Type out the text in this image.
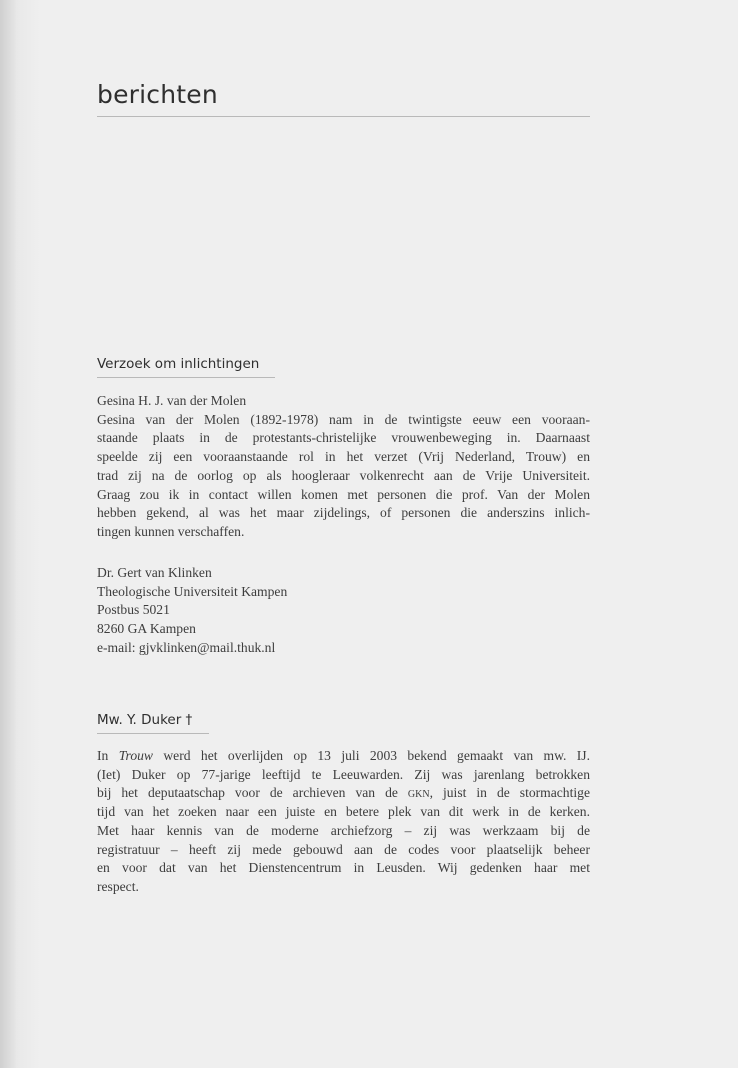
berichten
Verzoek om inlichtingen
Gesina H. J. van der Molen
Gesina van der Molen (1892-1978) nam in de twintigste eeuw een vooraan-
staande plaats in de protestants-christelijke vrouwenbeweging in. Daarnaast
speelde zij een vooraanstaande rol in het verzet (Vrij Nederland, Trouw) en
trad zij na de oorlog op als hoogleraar volkenrecht aan de Vrije Universiteit.
Graag zou ik in contact willen komen met personen die prof. Van der Molen
hebben gekend, al was het maar zijdelings, of personen die anderszins inlich-
tingen kunnen verschaffen.
Dr. Gert van Klinken
Theologische Universiteit Kampen
Postbus 5021
8260 GA Kampen
e-mail: gjvklinken@mail.thuk.nl
Mw. Y. Duker †
In Trouw werd het overlijden op 13 juli 2003 bekend gemaakt van mw. IJ.
(Iet) Duker op 77-jarige leeftijd te Leeuwarden. Zij was jarenlang betrokken
bij het deputaatschap voor de archieven van de gkn, juist in de stormachtige
tijd van het zoeken naar een juiste en betere plek van dit werk in de kerken.
Met haar kennis van de moderne archiefzorg – zij was werkzaam bij de
registratuur – heeft zij mede gebouwd aan de codes voor plaatselijk beheer
en voor dat van het Dienstencentrum in Leusden. Wij gedenken haar met
respect.
